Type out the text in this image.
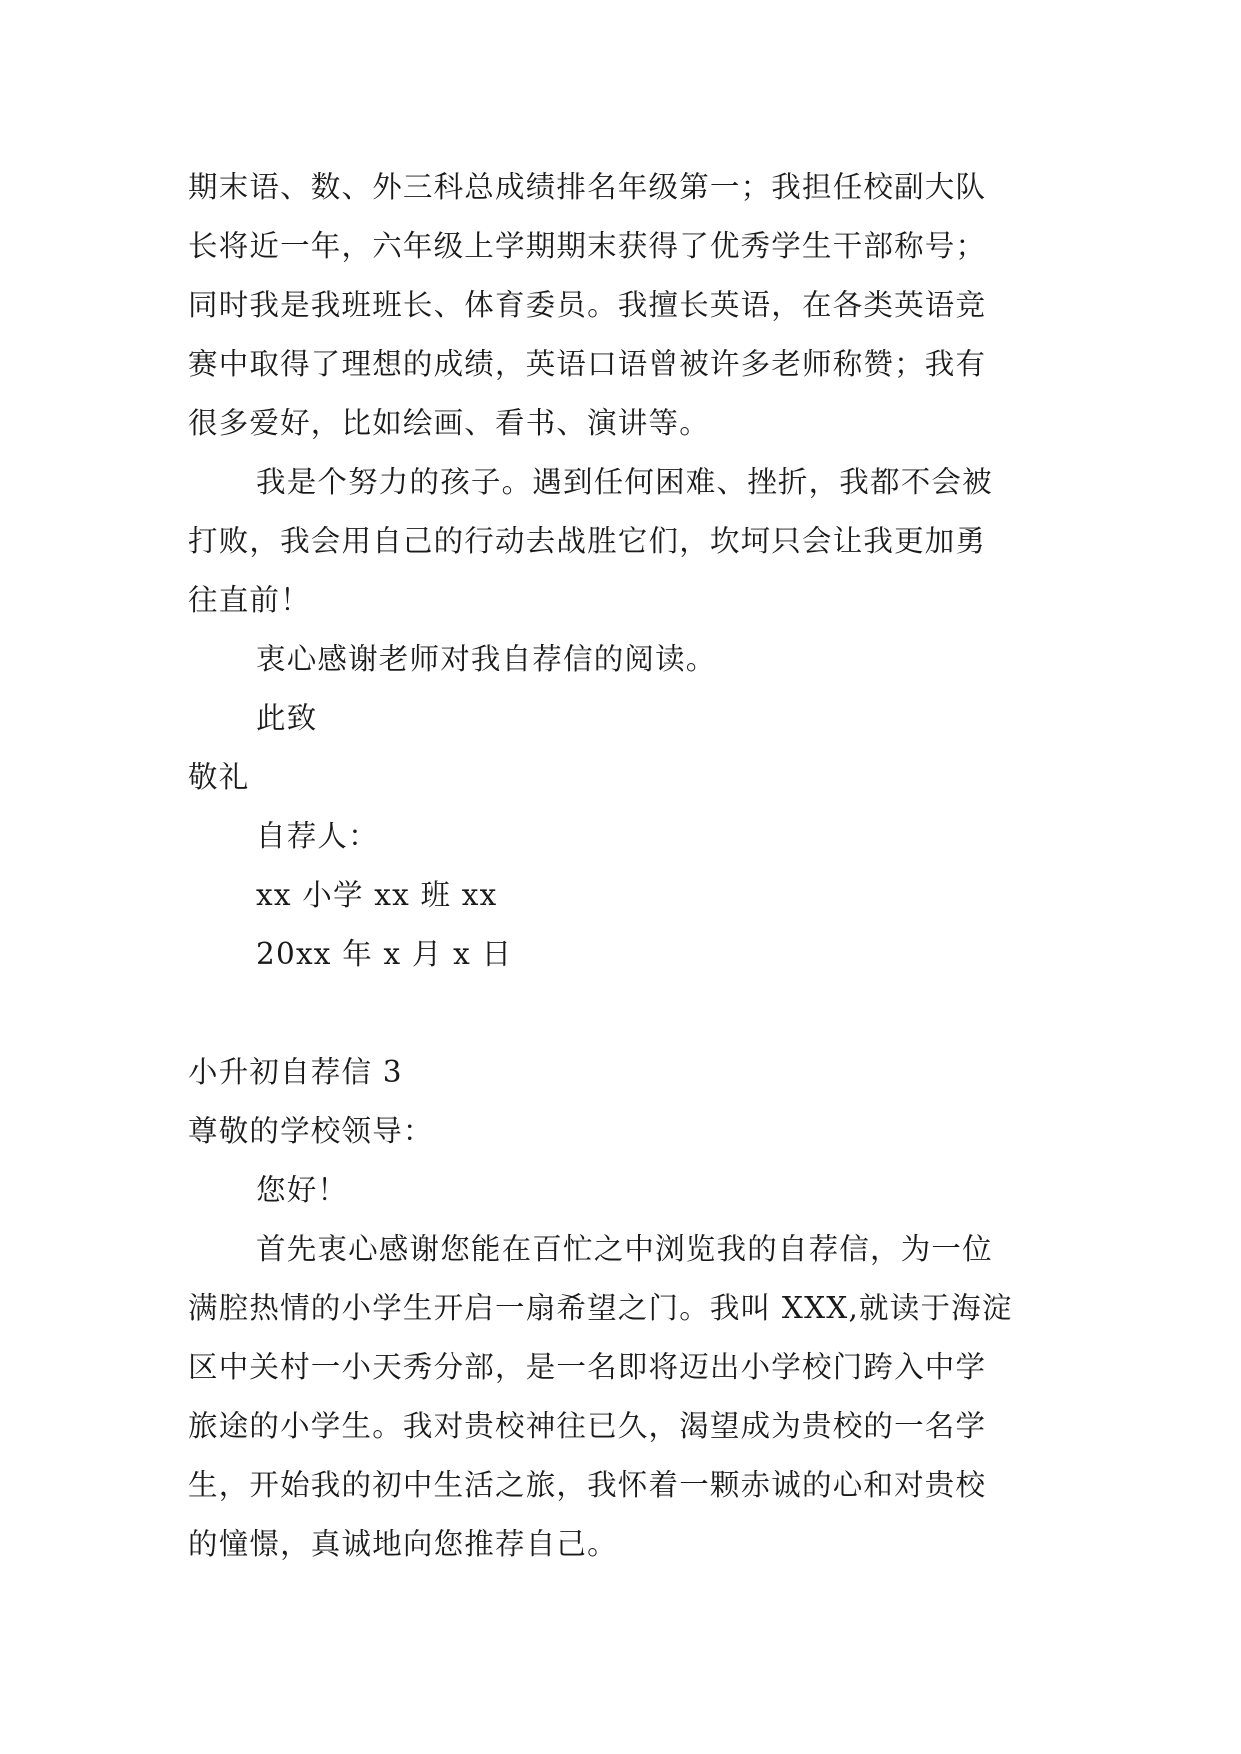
期末语、数、外三科总成绩排名年级第一；我担任校副大队
长将近一年，六年级上学期期末获得了优秀学生干部称号；
同时我是我班班长、体育委员。我擅长英语，在各类英语竞
赛中取得了理想的成绩，英语口语曾被许多老师称赞；我有
很多爱好，比如绘画、看书、演讲等。
我是个努力的孩子。遇到任何困难、挫折，我都不会被
打败，我会用自己的行动去战胜它们，坎坷只会让我更加勇
往直前！
衷心感谢老师对我自荐信的阅读。
此致
敬礼
自荐人：
xx 小学 xx 班 xx
20xx 年 x 月 x 日
小升初自荐信 3
尊敬的学校领导：
您好！
首先衷心感谢您能在百忙之中浏览我的自荐信，为一位
满腔热情的小学生开启一扇希望之门。我叫 XXX,就读于海淀
区中关村一小天秀分部，是一名即将迈出小学校门跨入中学
旅途的小学生。我对贵校神往已久，渴望成为贵校的一名学
生，开始我的初中生活之旅，我怀着一颗赤诚的心和对贵校
的憧憬，真诚地向您推荐自己。
